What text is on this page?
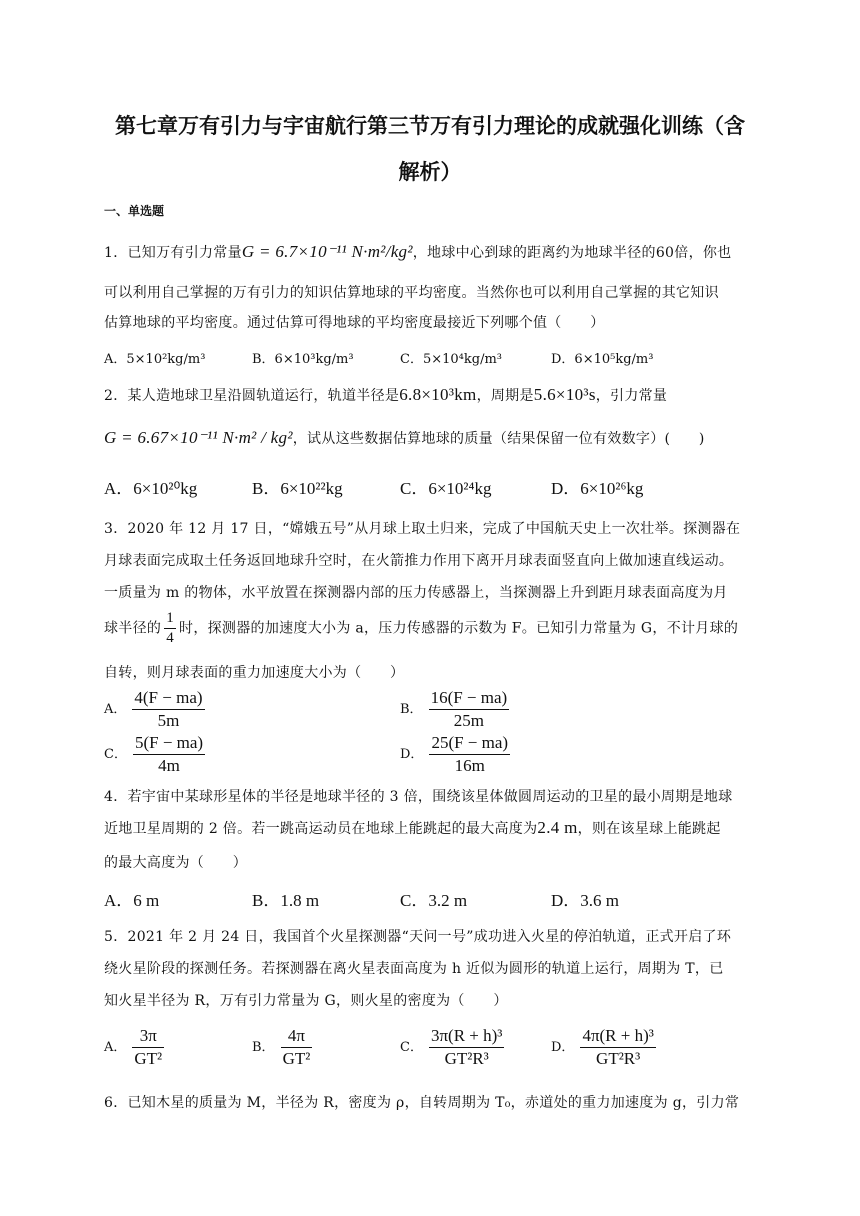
第七章万有引力与宇宙航行第三节万有引力理论的成就强化训练（含
解析）
一、单选题
1．已知万有引力常量G = 6.7×10⁻¹¹ N·m²/kg²，地球中心到球的距离约为地球半径的60倍，你也
可以利用自己掌握的万有引力的知识估算地球的平均密度。当然你也可以利用自己掌握的其它知识
估算地球的平均密度。通过估算可得地球的平均密度最接近下列哪个值（　　）
A．5×10²kg/m³	B．6×10³kg/m³	C．5×10⁴kg/m³	D．6×10⁵kg/m³
2．某人造地球卫星沿圆轨道运行，轨道半径是6.8×10³km，周期是5.6×10³s，引力常量
G = 6.67×10⁻¹¹ N·m² / kg²，试从这些数据估算地球的质量（结果保留一位有效数字）(　　)
A．6×10²⁰kg	B．6×10²²kg	C．6×10²⁴kg	D．6×10²⁶kg
3．2020 年 12 月 17 日，“嫦娥五号”从月球上取土归来，完成了中国航天史上一次壮举。探测器在
月球表面完成取土任务返回地球升空时，在火箭推力作用下离开月球表面竖直向上做加速直线运动。
一质量为 m 的物体，水平放置在探测器内部的压力传感器上，当探测器上升到距月球表面高度为月
球半径的 $\frac{1}{4}$ 时，探测器的加速度大小为 a，压力传感器的示数为 F。已知引力常量为 G，不计月球的
自转，则月球表面的重力加速度大小为（　　）
A． $\frac{4(F - ma)}{5m}$	B． $\frac{16(F - ma)}{25m}$
C． $\frac{5(F - ma)}{4m}$	D． $\frac{25(F - ma)}{16m}$
4．若宇宙中某球形星体的半径是地球半径的 3 倍，围绕该星体做圆周运动的卫星的最小周期是地球
近地卫星周期的 2 倍。若一跳高运动员在地球上能跳起的最大高度为2.4 m，则在该星球上能跳起
的最大高度为（　　）
A．6 m	B．1.8 m	C．3.2 m	D．3.6 m
5．2021 年 2 月 24 日，我国首个火星探测器“天问一号”成功进入火星的停泊轨道，正式开启了环
绕火星阶段的探测任务。若探测器在离火星表面高度为 h 近似为圆形的轨道上运行，周期为 T，已
知火星半径为 R，万有引力常量为 G，则火星的密度为（　　）
A． $\frac{3\pi}{\text{GT²}}$	B． $\frac{4\pi}{\text{GT²}}$	C． $\frac{\text{3π(R + h)³}}{\text{GT²R³}}$	D． $\frac{\text{4π(R + h)³}}{\text{GT²R³}}$
6．已知木星的质量为 M，半径为 R，密度为 ρ，自转周期为 T₀，赤道处的重力加速度为 g，引力常
